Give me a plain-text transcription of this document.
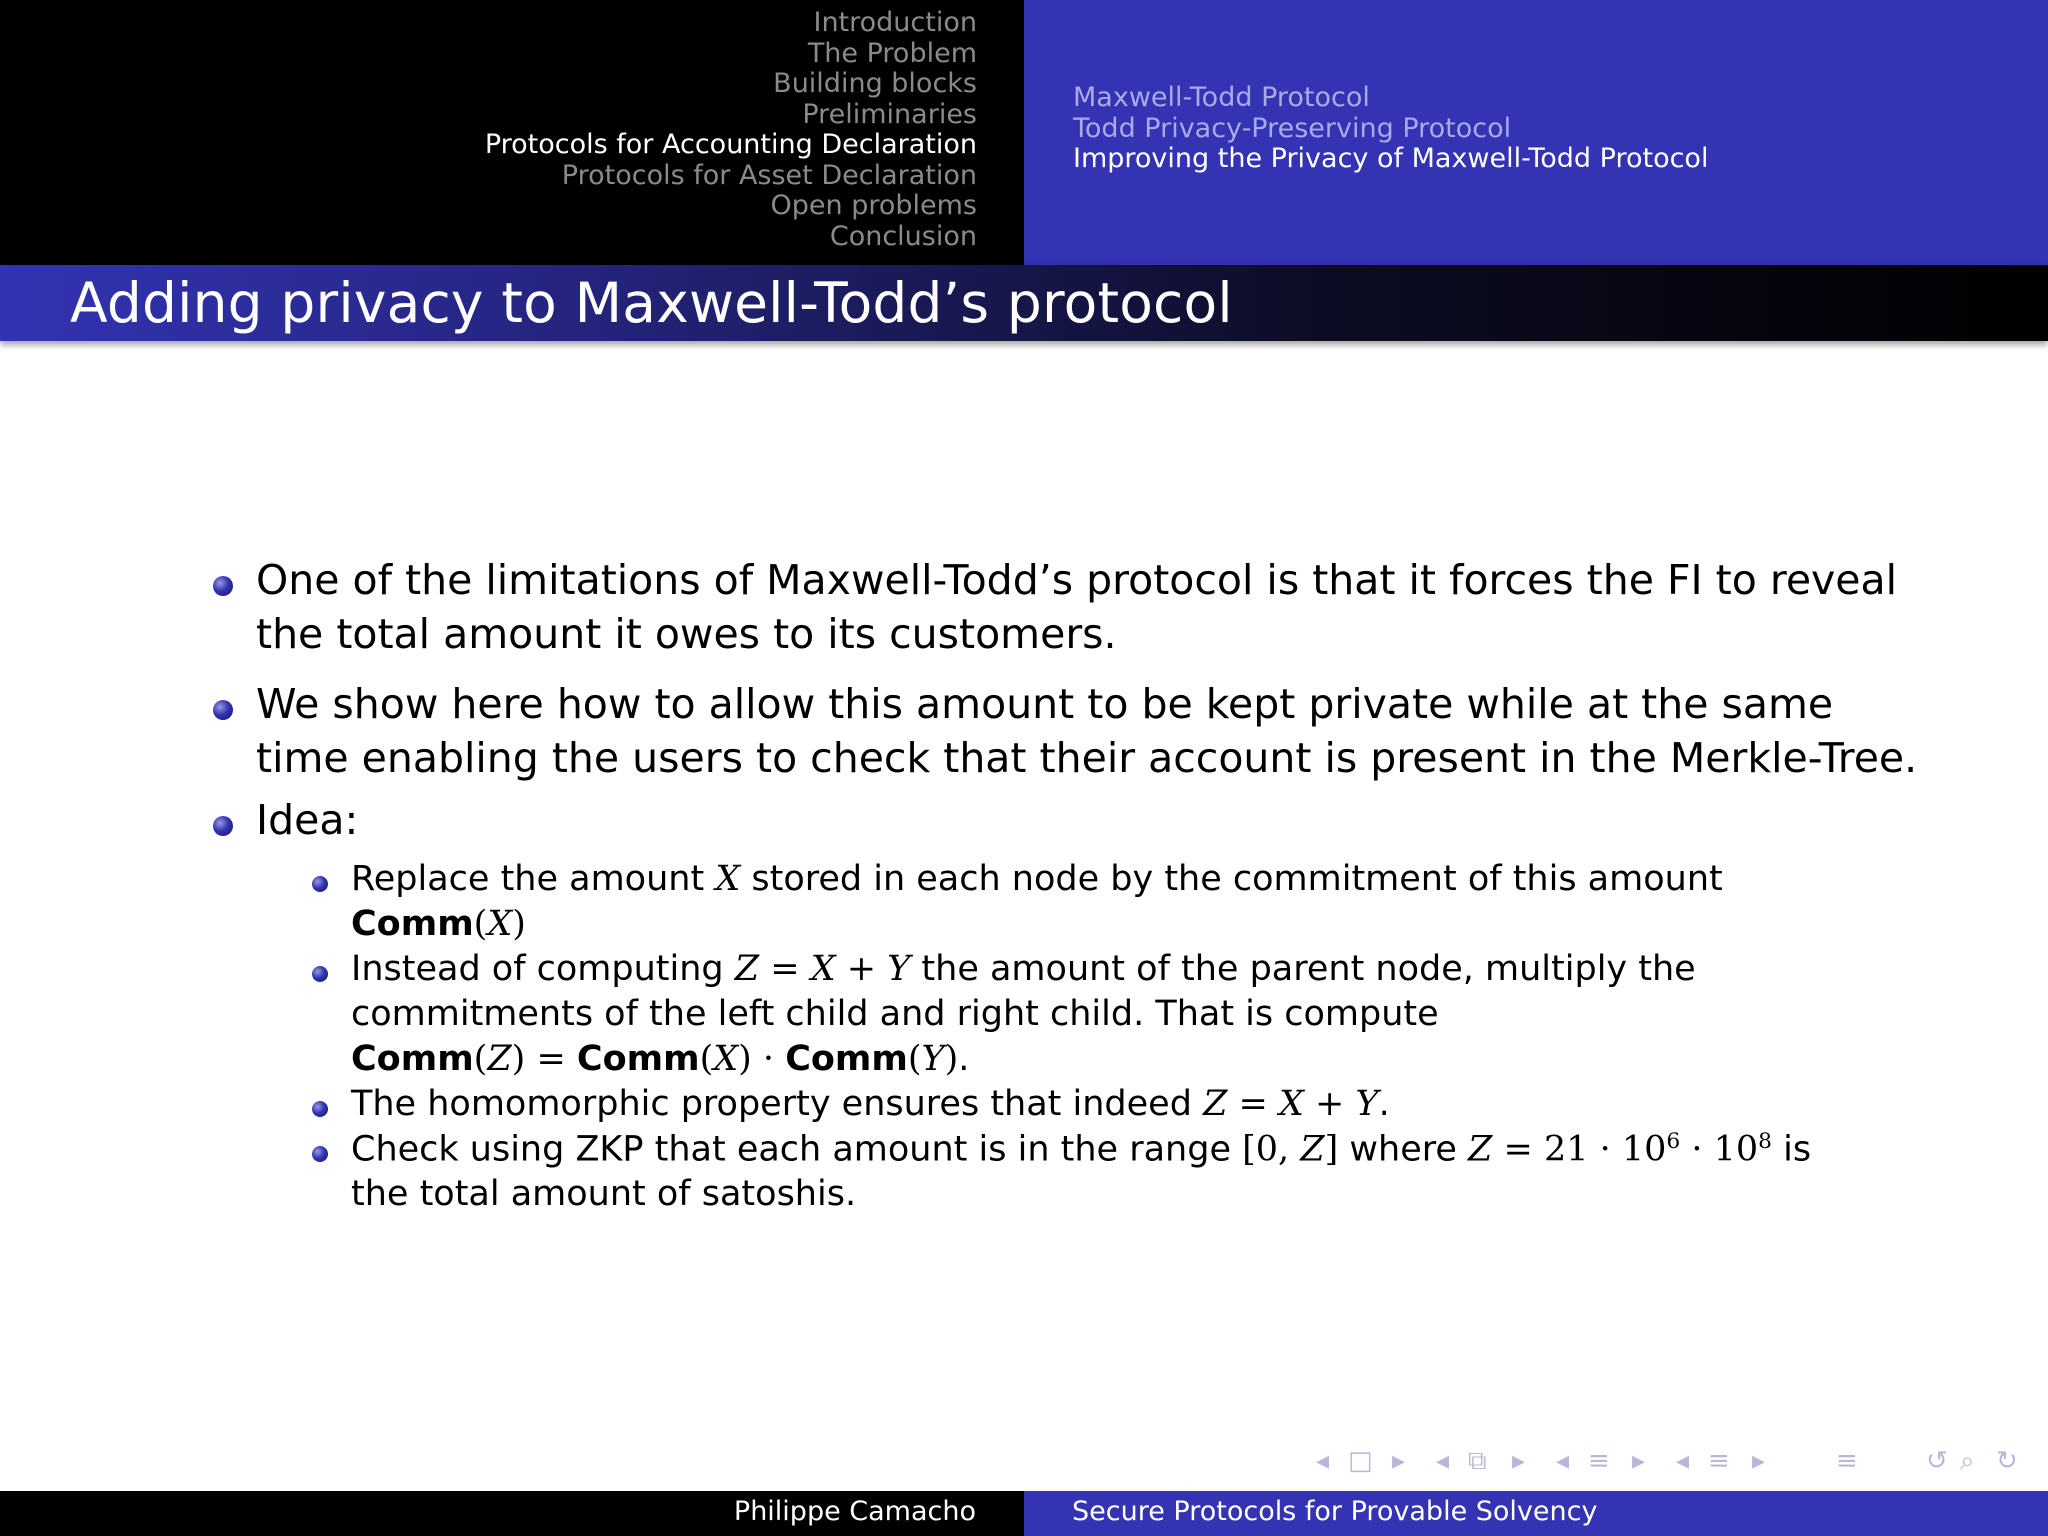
Introduction
The Problem
Building blocks
Preliminaries
Protocols for Accounting Declaration
Protocols for Asset Declaration
Open problems
Conclusion
Maxwell-Todd Protocol
Todd Privacy-Preserving Protocol
Improving the Privacy of Maxwell-Todd Protocol
Adding privacy to Maxwell-Todd’s protocol
One of the limitations of Maxwell-Todd’s protocol is that it forces the FI to reveal
the total amount it owes to its customers.
We show here how to allow this amount to be kept private while at the same
time enabling the users to check that their account is present in the Merkle-Tree.
Idea:
Replace the amount X stored in each node by the commitment of this amount
Comm(X)
Instead of computing Z = X + Y the amount of the parent node, multiply the
commitments of the left child and right child. That is compute
Comm(Z) = Comm(X) · Comm(Y).
The homomorphic property ensures that indeed Z = X + Y.
Check using ZKP that each amount is in the range [0, Z] where $Z = 21 \cdot 10^6 \cdot 10^8$ is
the total amount of satoshis.
◂ □ ▸ ◂ ⧉ ▸ ◂ ≡ ▸ ◂ ≡ ▸	≡	↺ ⌕ ↻
Philippe Camacho	Secure Protocols for Provable Solvency
